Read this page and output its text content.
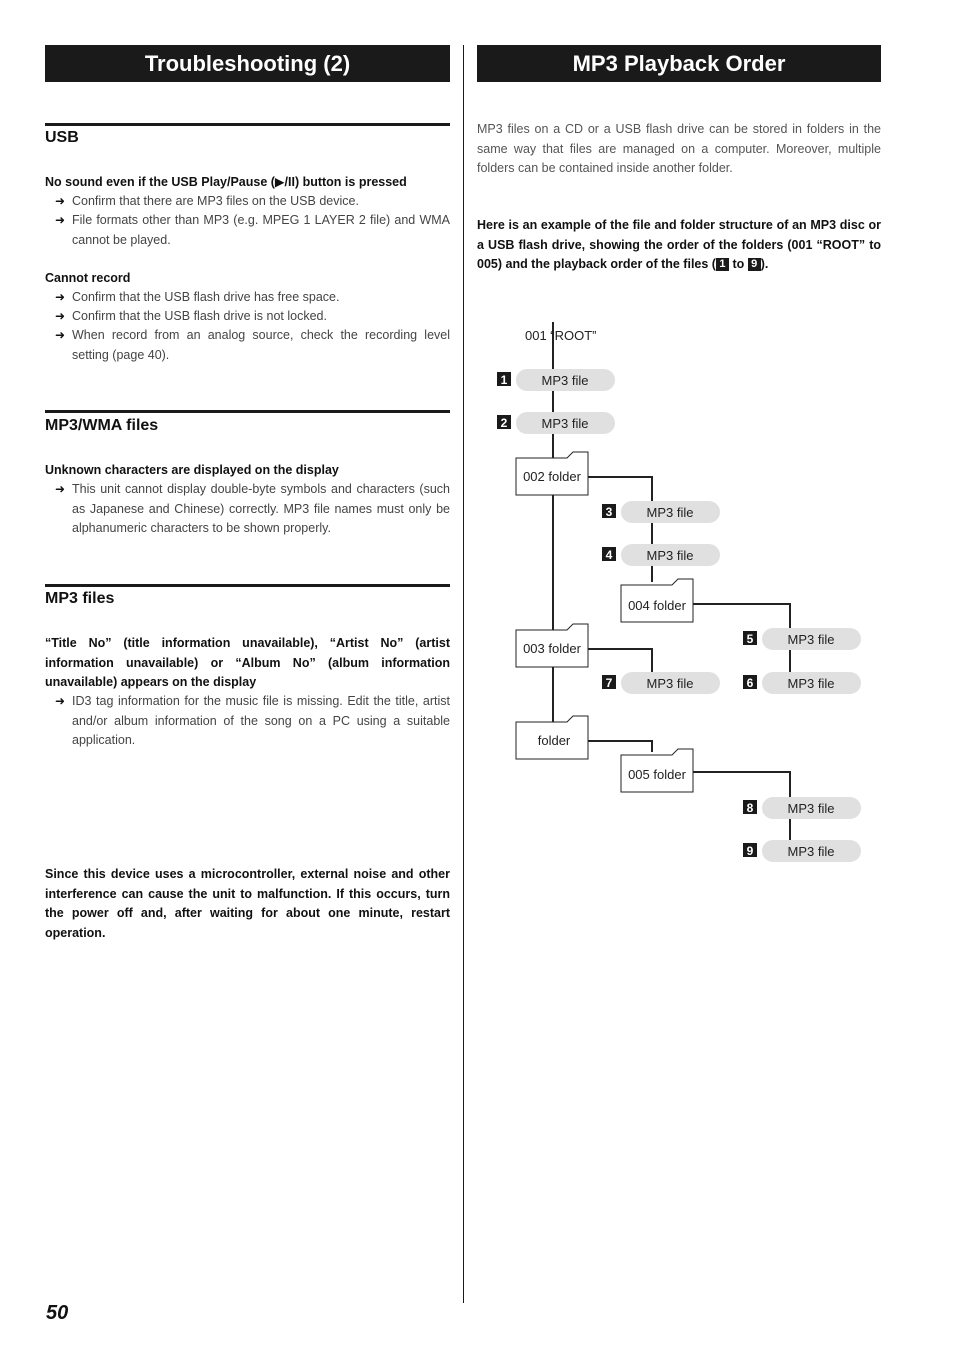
Troubleshooting (2)	MP3 Playback Order
USB
No sound even if the USB Play/Pause (▶/II) button is pressed
➜ Confirm that there are MP3 files on the USB device.
➜ File formats other than MP3 (e.g. MPEG 1 LAYER 2 file) and WMA cannot be played.
Cannot record
➜ Confirm that the USB flash drive has free space.
➜ Confirm that the USB flash drive is not locked.
➜ When record from an analog source, check the recording level setting (page 40).
MP3/WMA files
Unknown characters are displayed on the display
➜ This unit cannot display double-byte symbols and characters (such as Japanese and Chinese) correctly. MP3 file names must only be alphanumeric characters to be shown properly.
MP3 files
“Title No” (title information unavailable), “Artist No” (artist information unavailable) or “Album No” (album information unavailable) appears on the display
➜ ID3 tag information for the music file is missing. Edit the title, artist and/or album information of the song on a PC using a suitable application.
Since this device uses a microcontroller, external noise and other interference can cause the unit to malfunction. If this occurs, turn the power off and, after waiting for about one minute, restart operation.
MP3 files on a CD or a USB flash drive can be stored in folders in the same way that files are managed on a computer. Moreover, multiple folders can be contained inside another folder.
Here is an example of the file and folder structure of an MP3 disc or a USB flash drive, showing the order of the folders (001 “ROOT” to 005) and the playback order of the files ( 1 to 9 ).
001 “ROOT”
002 folder
003 folder
004 folder
folder
005 folder
1	MP3 file
2	MP3 file
3	MP3 file
4	MP3 file
5	MP3 file
6	MP3 file
7	MP3 file
8	MP3 file
9	MP3 file
50
